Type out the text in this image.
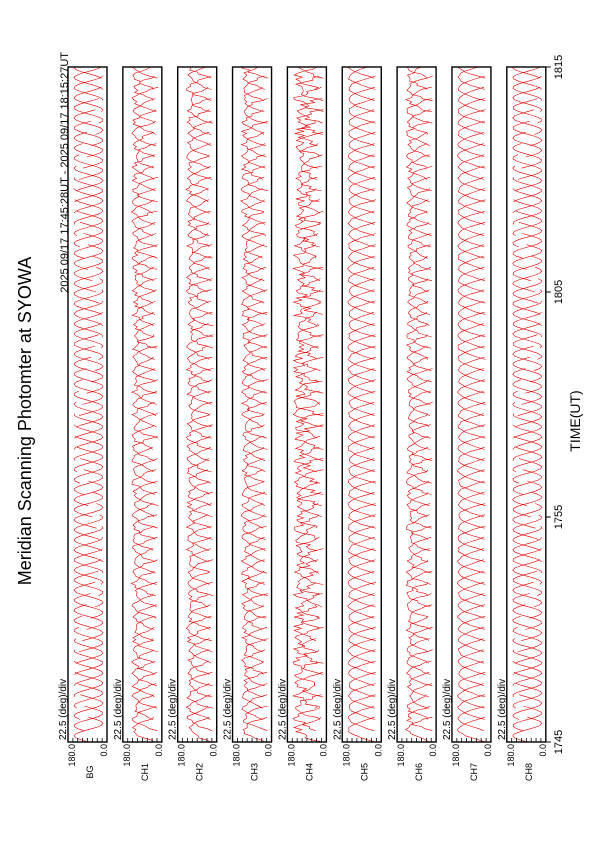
Meridian Scanning Photomter at SYOWA
2025 09/17 17:45:28UT - 2025 09/17 18:15:27UT
180.0 0.0
BG
22.5 (deg)/div
180.0 0.0
CH1
22.5 (deg)/div
180.0 0.0
CH2
22.5 (deg)/div
180.0 0.0
CH3
22.5 (deg)/div
180.0 0.0
CH4
22.5 (deg)/div
180.0 0.0
CH5
22.5 (deg)/div
180.0 0.0
CH6
22.5 (deg)/div
180.0 0.0
CH7
22.5 (deg)/div
180.0 0.0
CH8
22.5 (deg)/div
1745
1755
1805
1815
TIME(UT)
